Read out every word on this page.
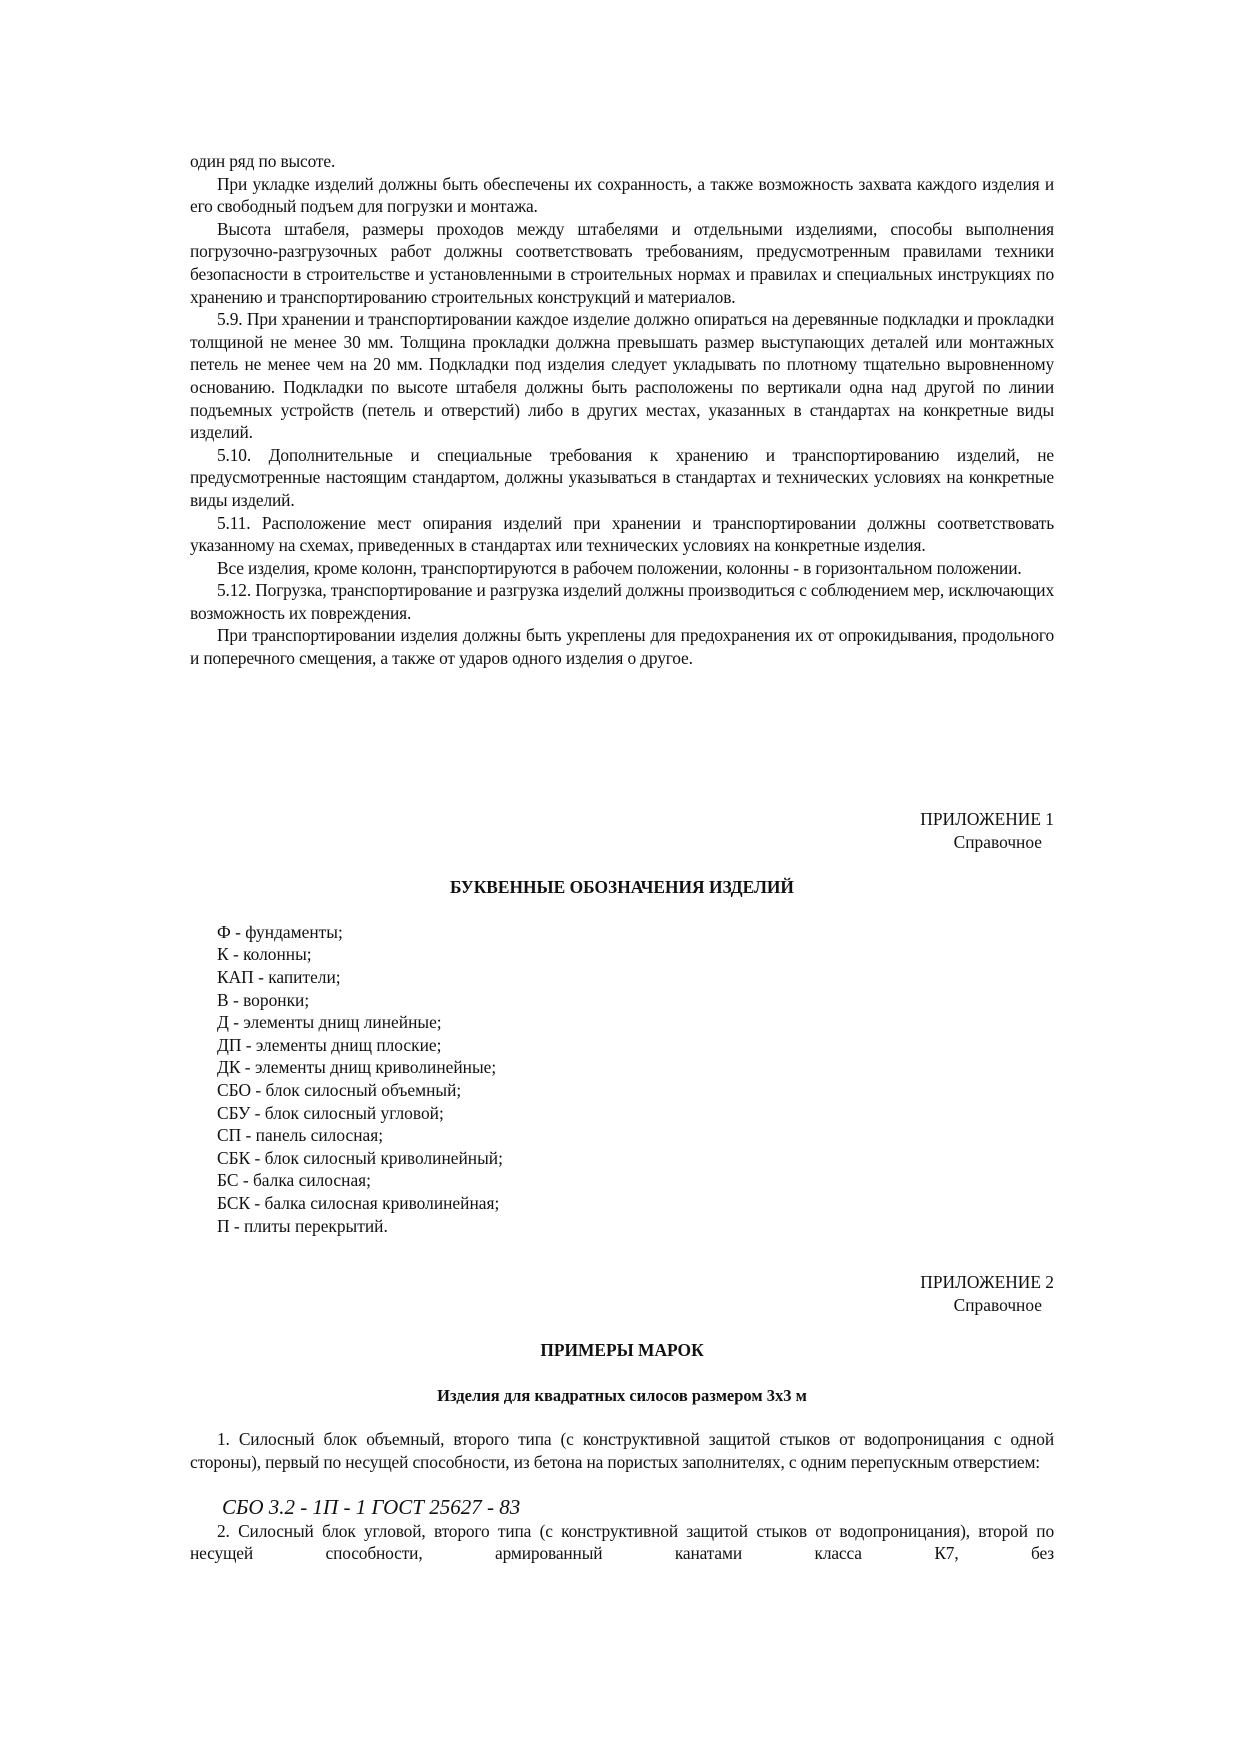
один ряд по высоте.

При укладке изделий должны быть обеспечены их сохранность, а также возможность захвата каждого изделия и его свободный подъем для погрузки и монтажа.

Высота штабеля, размеры проходов между штабелями и отдельными изделиями, способы выполнения погрузочно-разгрузочных работ должны соответствовать требованиям, предусмотренным правилами техники безопасности в строительстве и установленными в строительных нормах и правилах и специальных инструкциях по хранению и транспортированию строительных конструкций и материалов.

5.9. При хранении и транспортировании каждое изделие должно опираться на деревянные подкладки и прокладки толщиной не менее 30 мм. Толщина прокладки должна превышать размер выступающих деталей или монтажных петель не менее чем на 20 мм. Подкладки под изделия следует укладывать по плотному тщательно выровненному основанию. Подкладки по высоте штабеля должны быть расположены по вертикали одна над другой по линии подъемных устройств (петель и отверстий) либо в других местах, указанных в стандартах на конкретные виды изделий.

5.10. Дополнительные и специальные требования к хранению и транспортированию изделий, не предусмотренные настоящим стандартом, должны указываться в стандартах и технических условиях на конкретные виды изделий.

5.11. Расположение мест опирания изделий при хранении и транспортировании должны соответствовать указанному на схемах, приведенных в стандартах или технических условиях на конкретные изделия.

Все изделия, кроме колонн, транспортируются в рабочем положении, колонны - в горизонтальном положении.

5.12. Погрузка, транспортирование и разгрузка изделий должны производиться с соблюдением мер, исключающих возможность их повреждения.

При транспортировании изделия должны быть укреплены для предохранения их от опрокидывания, продольного и поперечного смещения, а также от ударов одного изделия о другое.

ПРИЛОЖЕНИЕ 1

Справочное

БУКВЕННЫЕ ОБОЗНАЧЕНИЯ ИЗДЕЛИЙ

Ф - фундаменты;
К - колонны;
КАП - капители;
В - воронки;
Д - элементы днищ линейные;
ДП - элементы днищ плоские;
ДК - элементы днищ криволинейные;
СБО - блок силосный объемный;
СБУ - блок силосный угловой;
СП - панель силосная;
СБК - блок силосный криволинейный;
БС - балка силосная;
БСК - балка силосная криволинейная;
П - плиты перекрытий.

ПРИЛОЖЕНИЕ 2

Справочное

ПРИМЕРЫ МАРОК

Изделия для квадратных силосов размером 3x3 м

1. Силосный блок объемный, второго типа (с конструктивной защитой стыков от водопроницания с одной стороны), первый по несущей способности, из бетона на пористых заполнителях, с одним перепускным отверстием:

СБО 3.2 - 1П - 1 ГОСТ 25627 - 83

2. Силосный блок угловой, второго типа (с конструктивной защитой стыков от водопроницания), второй по несущей способности, армированный канатами класса К7, без
